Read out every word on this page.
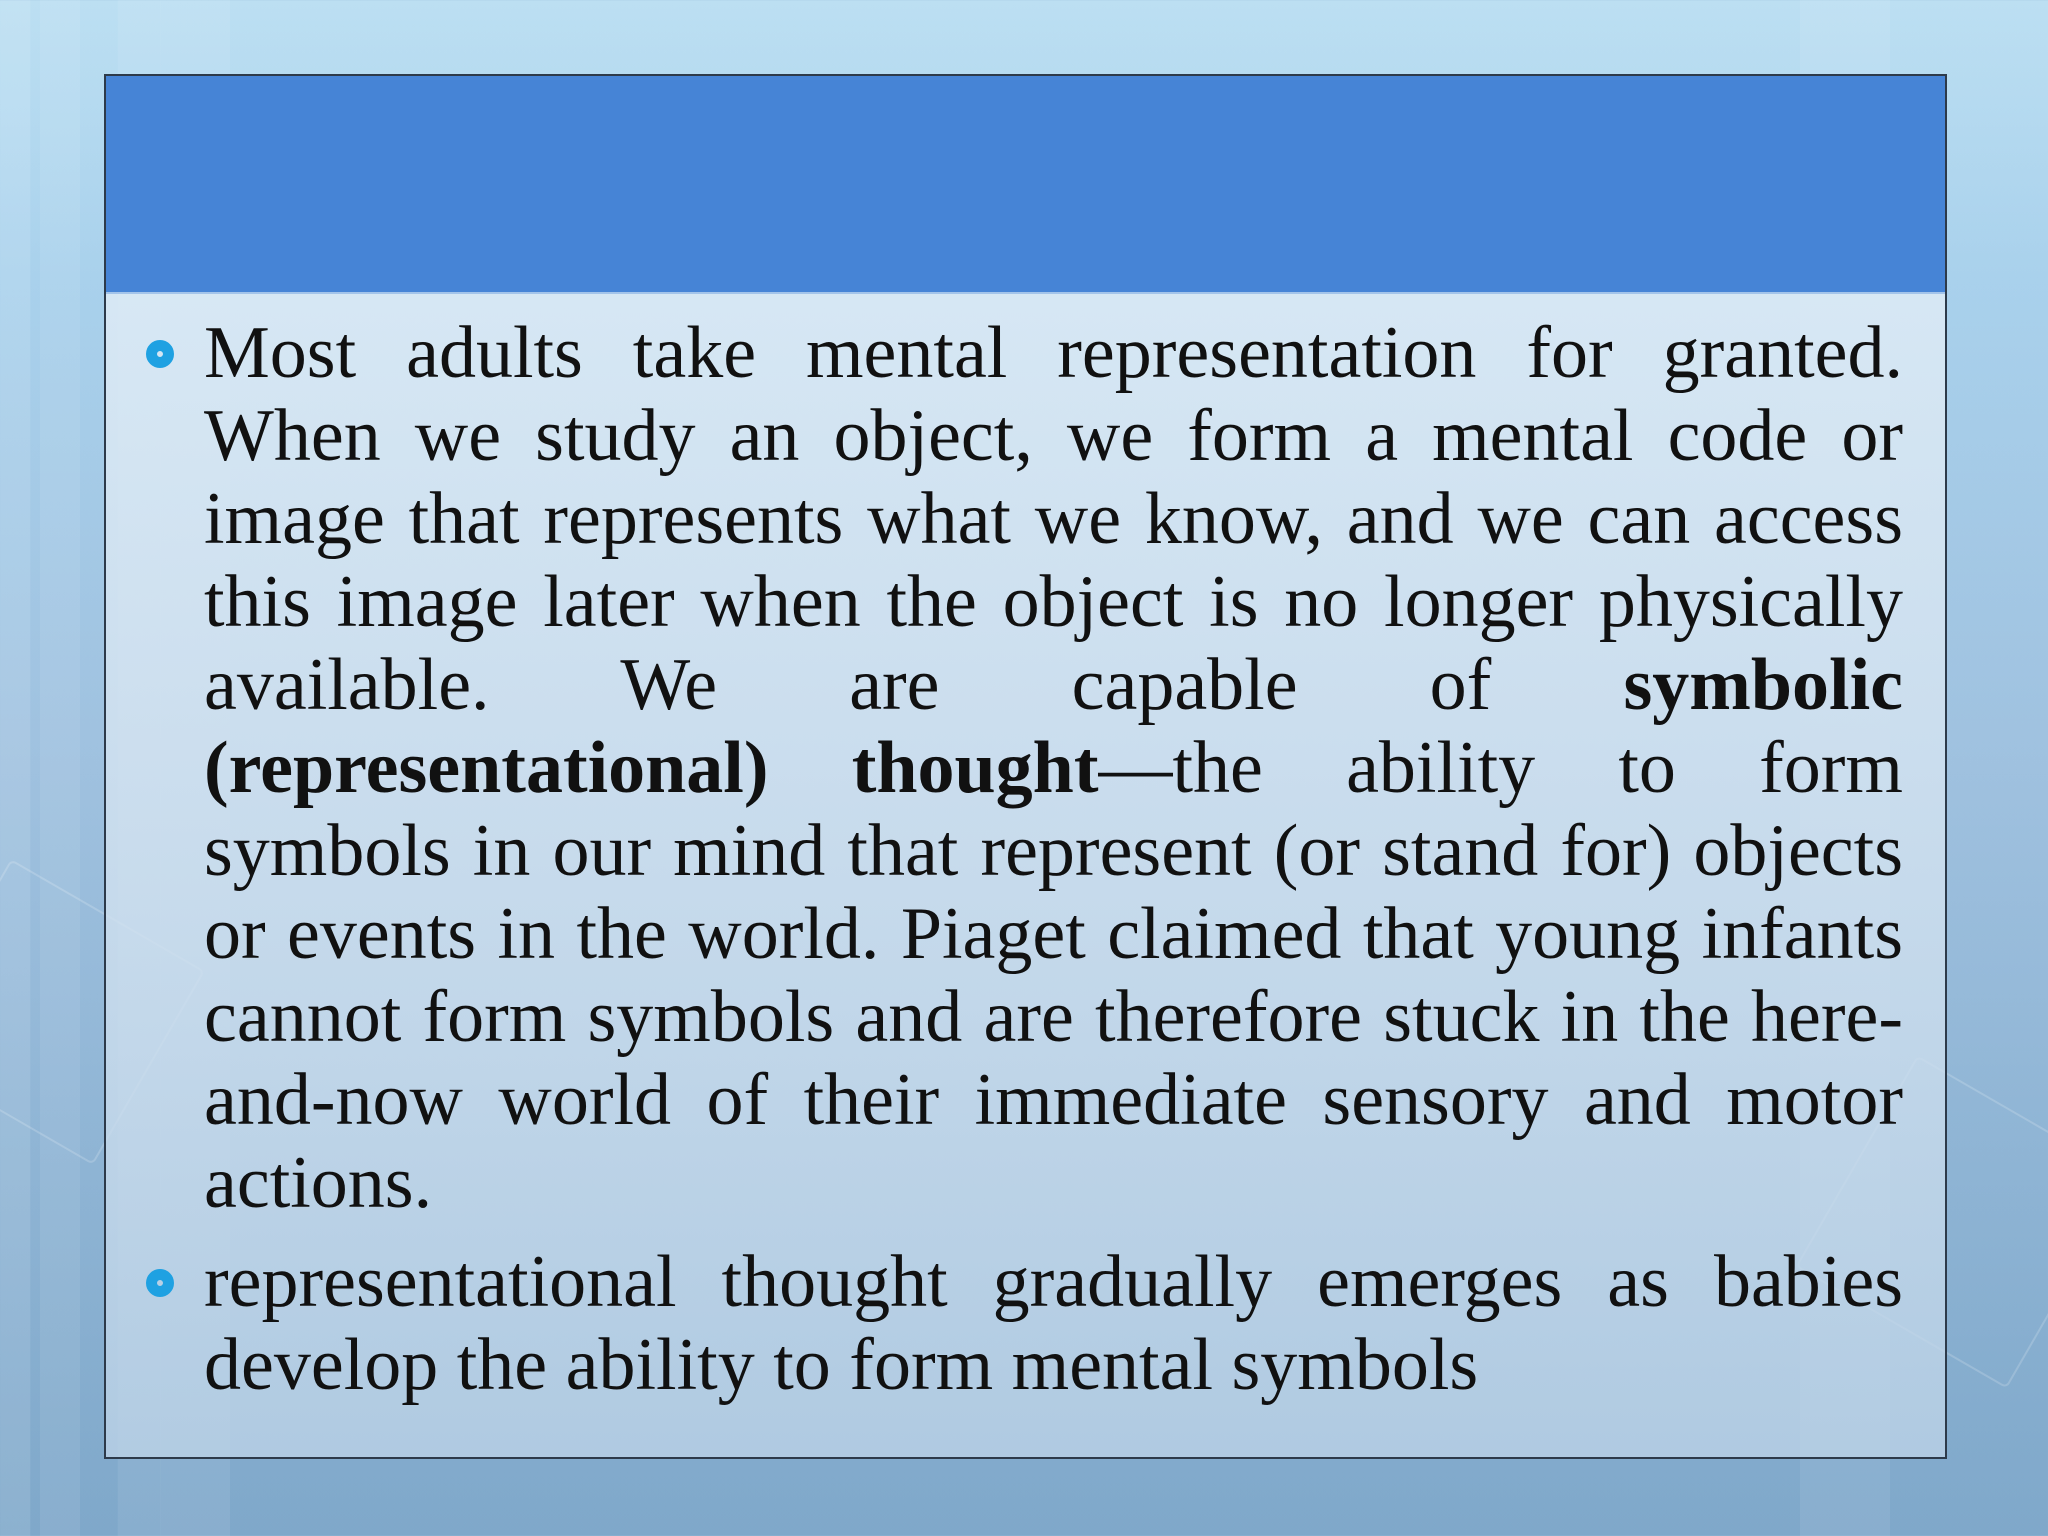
Most adults take mental representation for granted. When we study an object, we form a mental code or image that represents what we know, and we can access this image later when the object is no longer physically available. We are capable of symbolic (representational) thought—the ability to form symbols in our mind that represent (or stand for) objects or events in the world. Piaget claimed that young infants cannot form symbols and are therefore stuck in the here-and-now world of their immediate sensory and motor actions.
representational thought gradually emerges as babies develop the ability to form mental symbols
